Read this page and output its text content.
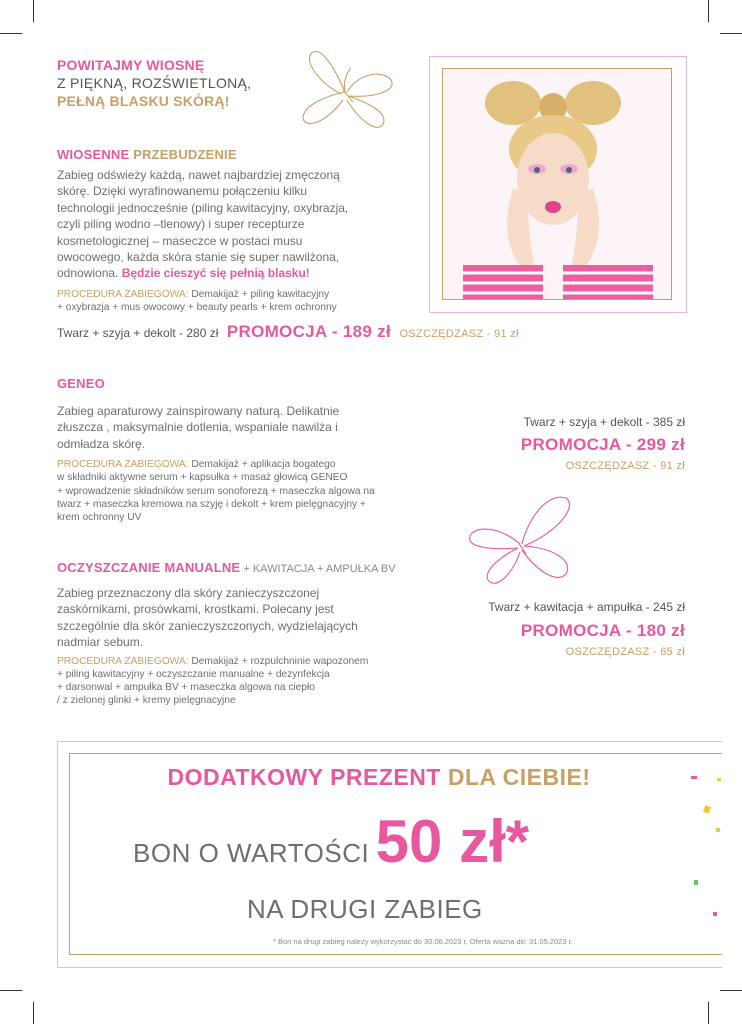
POWITAJMY WIOSNĘ
Z PIĘKNĄ, ROZŚWIETLONĄ,
PEŁNĄ BLASKU SKÓRĄ!
WIOSENNE PRZEBUDZENIE
Zabieg odświeży każdą, nawet najbardziej zmęczoną
skórę. Dzięki wyrafinowanemu połączeniu kilku
technologii jednocześnie (piling kawitacyjny, oxybrazja,
czyli piling wodno –tlenowy) i super recepturze
kosmetologicznej – maseczce w postaci musu
owocowego, każda skóra stanie się super nawilżona,
odnowiona. Będzie cieszyć się pełnią blasku!
PROCEDURA ZABIEGOWA: Demakijaż + piling kawitacyjny
+ oxybrazja + mus owocowy + beauty pearls + krem ochronny
Twarz + szyja + dekolt - 280 zł PROMOCJA - 189 zł OSZCZĘDZASZ - 91 zł
GENEO
Zabieg aparaturowy zainspirowany naturą. Delikatnie
złuszcza , maksymalnie dotlenia, wspaniale nawilża i
odmładza skórę.
PROCEDURA ZABIEGOWA: Demakijaż + aplikacja bogatego
w składniki aktywne serum + kapsułka + masaż głowicą GENEO
+ wprowadzenie składników serum sonoforezą + maseczka algowa na
twarz + maseczka kremowa na szyję i dekolt + krem pielęgnacyjny +
krem ochronny UV
Twarz + szyja + dekolt - 385 zł
PROMOCJA - 299 zł
OSZCZĘDZASZ - 91 zł
OCZYSZCZANIE MANUALNE + KAWITACJA + AMPUŁKA BV
Zabieg przeznaczony dla skóry zanieczyszczonej
zaskórnikami, prosówkami, krostkami. Polecany jest
szczególnie dla skór zanieczyszczonych, wydzielających
nadmiar sebum.
PROCEDURA ZABIEGOWA: Demakijaż + rozpulchninie wapozonem
+ piling kawitacyjny + oczyszczanie manualne + dezynfekcja
+ darsonwal + ampułka BV + maseczka algowa na ciepło
/ z zielonej glinki + kremy pielęgnacyjne
Twarz + kawitacja + ampułka - 245 zł
PROMOCJA - 180 zł
OSZCZĘDZASZ - 65 zł
DODATKOWY PREZENT DLA CIEBIE!
BON O WARTOŚCI 50 zł*
NA DRUGI ZABIEG
* Bon na drugi zabieg należy wykorzystać do 30.06.2023 r, Oferta ważna do: 31.05.2023 r.
